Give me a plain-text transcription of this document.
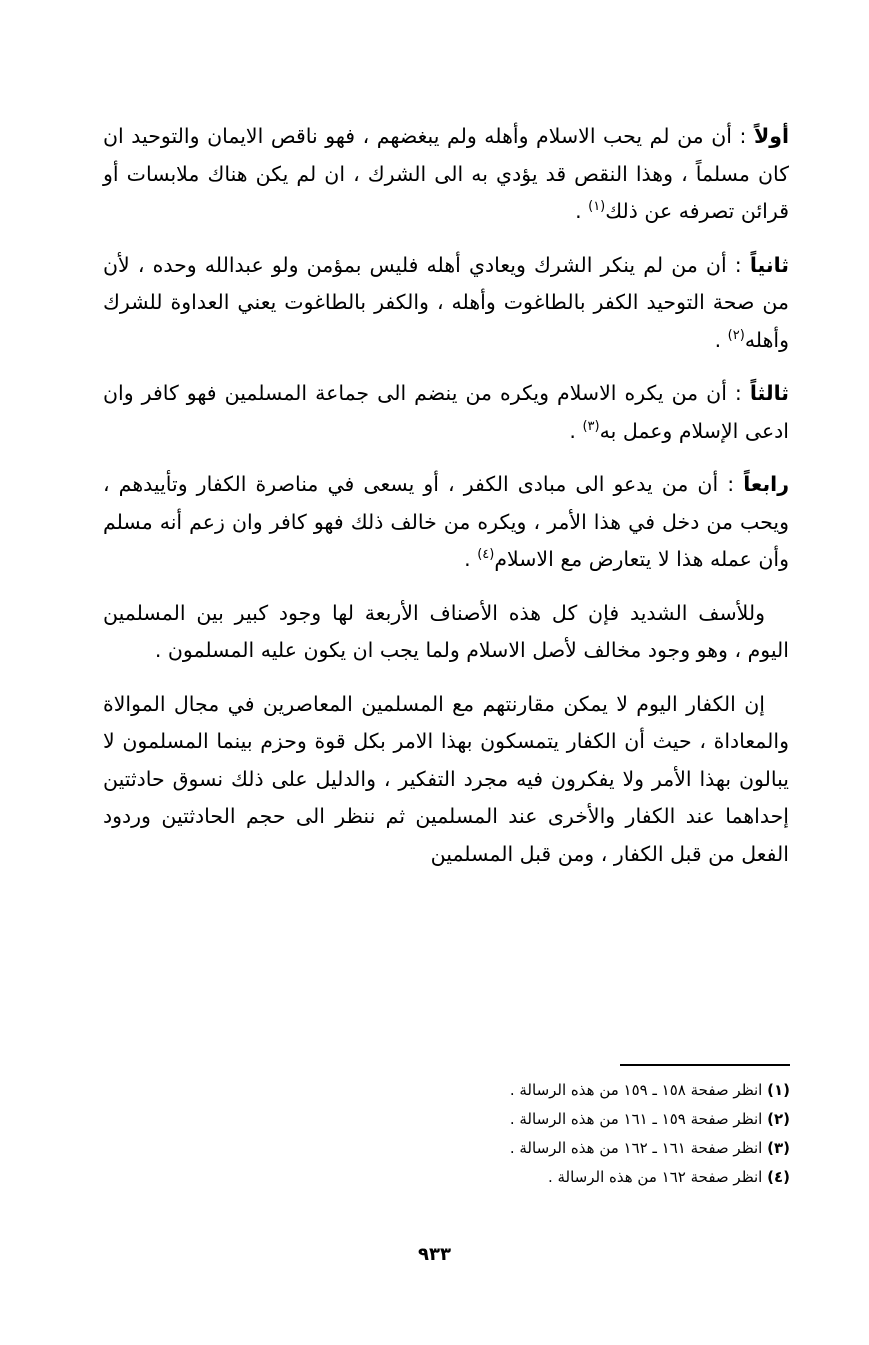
أولاً : أن من لم يحب الاسلام وأهله ولم يبغضهم ، فهو ناقص الايمان والتوحيد ان كان مسلماً ، وهذا النقص قد يؤدي به الى الشرك ، ان لم يكن هناك ملابسات أو قرائن تصرفه عن ذلك$^{(١)}$ .

ثانياً : أن من لم ينكر الشرك ويعادي أهله فليس بمؤمن ولو عبدالله وحده ، لأن من صحة التوحيد الكفر بالطاغوت وأهله ، والكفر بالطاغوت يعني العداوة للشرك وأهله$^{(٢)}$ .

ثالثاً : أن من يكره الاسلام ويكره من ينضم الى جماعة المسلمين فهو كافر وان ادعى الإسلام وعمل به$^{(٣)}$ .

رابعاً : أن من يدعو الى مبادى الكفر ، أو يسعى في مناصرة الكفار وتأييدهم ، ويحب من دخل في هذا الأمر ، ويكره من خالف ذلك فهو كافر وان زعم أنه مسلم وأن عمله هذا لا يتعارض مع الاسلام$^{(٤)}$ .

وللأسف الشديد فإن كل هذه الأصناف الأربعة لها وجود كبير بين المسلمين اليوم ، وهو وجود مخالف لأصل الاسلام ولما يجب ان يكون عليه المسلمون .

إن الكفار اليوم لا يمكن مقارنتهم مع المسلمين المعاصرين في مجال الموالاة والمعاداة ، حيث أن الكفار يتمسكون بهذا الامر بكل قوة وحزم بينما المسلمون لا يبالون بهذا الأمر ولا يفكرون فيه مجرد التفكير ، والدليل على ذلك نسوق حادثتين إحداهما عند الكفار والأخرى عند المسلمين ثم ننظر الى حجم الحادثتين وردود الفعل من قبل الكفار ، ومن قبل المسلمين

(١) انظر صفحة ١٥٨ ـ ١٥٩ من هذه الرسالة .
(٢) انظر صفحة ١٥٩ ـ ١٦١ من هذه الرسالة .
(٣) انظر صفحة ١٦١ ـ ١٦٢ من هذه الرسالة .
(٤) انظر صفحة ١٦٢ من هذه الرسالة .
٩٣٣
